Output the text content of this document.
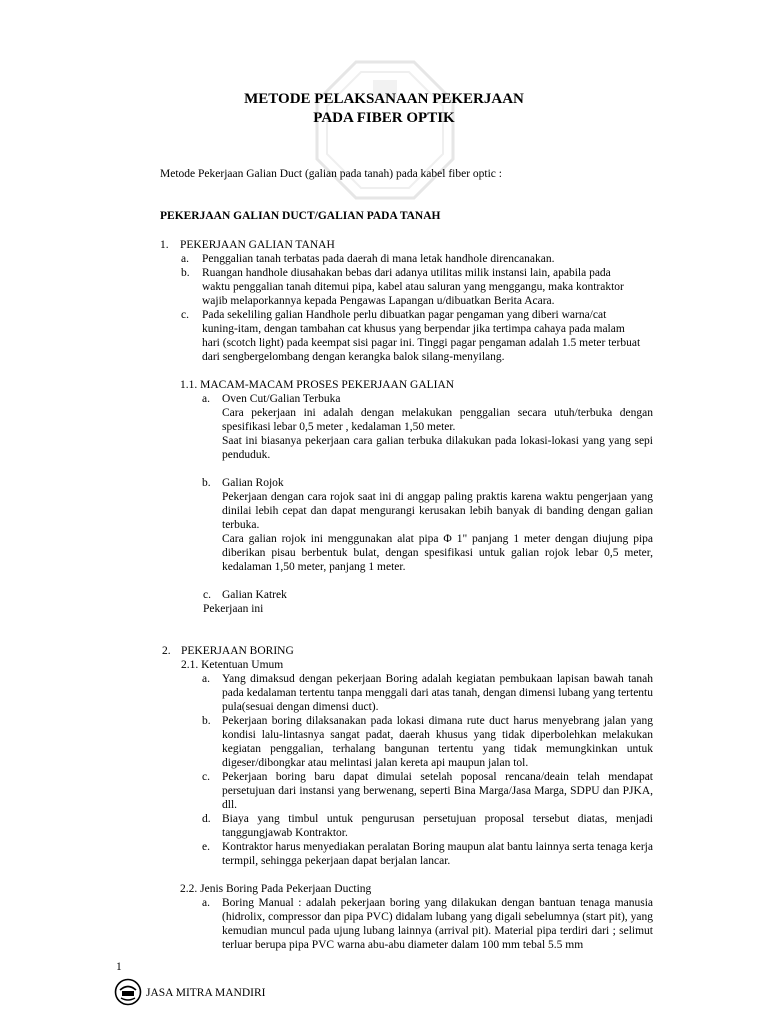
METODE PELAKSANAAN PEKERJAAN
PADA FIBER OPTIK
Metode Pekerjaan Galian Duct (galian pada tanah) pada kabel fiber optic :
PEKERJAAN GALIAN DUCT/GALIAN PADA TANAH
1. PEKERJAAN GALIAN TANAH
a. Penggalian tanah terbatas pada daerah di mana letak handhole direncanakan.
b. Ruangan handhole diusahakan bebas dari adanya utilitas milik instansi lain, apabila pada
waktu penggalian tanah ditemui pipa, kabel atau saluran yang menggangu, maka kontraktor
wajib melaporkannya kepada Pengawas Lapangan u/dibuatkan Berita Acara.
c. Pada sekeliling galian Handhole perlu dibuatkan pagar pengaman yang diberi warna/cat
kuning-itam, dengan tambahan cat khusus yang berpendar jika tertimpa cahaya pada malam
hari (scotch light) pada keempat sisi pagar ini. Tinggi pagar pengaman adalah 1.5 meter terbuat
dari sengbergelombang dengan kerangka balok silang-menyilang.
1.1. MACAM-MACAM PROSES PEKERJAAN GALIAN
a. Oven Cut/Galian Terbuka
Cara pekerjaan ini adalah dengan melakukan penggalian secara utuh/terbuka dengan spesifikasi lebar 0,5 meter , kedalaman 1,50 meter.
Saat ini biasanya pekerjaan cara galian terbuka dilakukan pada lokasi-lokasi yang yang sepi penduduk.
b. Galian Rojok
Pekerjaan dengan cara rojok saat ini di anggap paling praktis karena waktu pengerjaan yang dinilai lebih cepat dan dapat mengurangi kerusakan lebih banyak di banding dengan galian terbuka.
Cara galian rojok ini menggunakan alat pipa Φ 1" panjang 1 meter dengan diujung pipa diberikan pisau berbentuk bulat, dengan spesifikasi untuk galian rojok lebar 0,5 meter, kedalaman 1,50 meter, panjang 1 meter.
c. Galian Katrek
Pekerjaan ini
2. PEKERJAAN BORING
2.1. Ketentuan Umum
a. Yang dimaksud dengan pekerjaan Boring adalah kegiatan pembukaan lapisan bawah tanah pada kedalaman tertentu tanpa menggali dari atas tanah, dengan dimensi lubang yang tertentu pula(sesuai dengan dimensi duct).
b. Pekerjaan boring dilaksanakan pada lokasi dimana rute duct harus menyebrang jalan yang kondisi lalu-lintasnya sangat padat, daerah khusus yang tidak diperbolehkan melakukan kegiatan penggalian, terhalang bangunan tertentu yang tidak memungkinkan untuk digeser/dibongkar atau melintasi jalan kereta api maupun jalan tol.
c. Pekerjaan boring baru dapat dimulai setelah poposal rencana/deain telah mendapat persetujuan dari instansi yang berwenang, seperti Bina Marga/Jasa Marga, SDPU dan PJKA, dll.
d. Biaya yang timbul untuk pengurusan persetujuan proposal tersebut diatas, menjadi tanggungjawab Kontraktor.
e. Kontraktor harus menyediakan peralatan Boring maupun alat bantu lainnya serta tenaga kerja termpil, sehingga pekerjaan dapat berjalan lancar.
2.2. Jenis Boring Pada Pekerjaan Ducting
a. Boring Manual : adalah pekerjaan boring yang dilakukan dengan bantuan tenaga manusia (hidrolix, compressor dan pipa PVC) didalam lubang yang digali sebelumnya (start pit), yang kemudian muncul pada ujung lubang lainnya (arrival pit). Material pipa terdiri dari ; selimut terluar berupa pipa PVC warna abu-abu diameter dalam 100 mm tebal 5.5 mm
1
JASA MITRA MANDIRI
